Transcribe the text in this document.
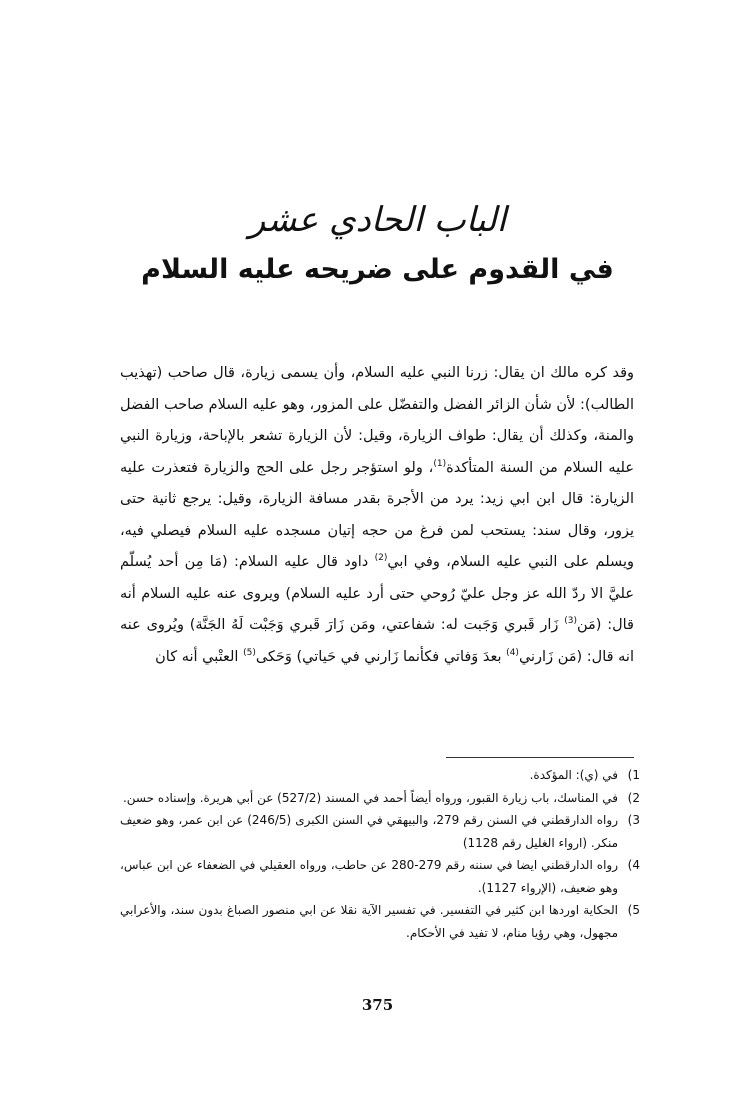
الباب الحادي عشر
في القدوم على ضريحه عليه السلام

وقد كره مالك ان يقال: زرنا النبي عليه السلام، وأن يسمى زيارة، قال صاحب (تهذيب الطالب): لأن شأن الزائر الفضل والتفضّل على المزور، وهو عليه السلام صاحب الفضل والمنة، وكذلك أن يقال: طواف الزيارة، وقيل: لأن الزيارة تشعر بالإباحة، وزيارة النبي عليه السلام من السنة المتأكدة$^{(1)}$، ولو استؤجر رجل على الحج والزيارة فتعذرت عليه الزيارة: قال ابن ابي زيد: يرد من الأجرة بقدر مسافة الزيارة، وقيل: يرجع ثانية حتى يزور، وقال سند: يستحب لمن فرغ من حجه إتيان مسجده عليه السلام فيصلي فيه، ويسلم على النبي عليه السلام، وفي ابي$^{(2)}$ داود قال عليه السلام: (مَا مِن أحد يُسلّم عليَّ الا ردّ الله عز وجل عليّ رُوحي حتى أرد عليه السلام) ويروى عنه عليه السلام أنه قال: (مَن$^{(3)}$ زَار قَبري وَجَبت له: شفاعتي، ومَن زَارَ قَبري وَجَبْت لَهُ الجَنَّة) ويُروى عنه انه قال: (مَن زَارني$^{(4)}$ بعدَ وَفاتي فكأنما زَارني في حَياتي) وَحَكى$^{(5)}$ العتْبي أنه كان

1)
في (ي): المؤكدة.
2)
في المناسك، باب زيارة القبور، ورواه أيضاً أحمد في المسند (527/2) عن أبي هريرة. وإسناده حسن.
3)
رواه الدارقطني في السنن رقم 279، والبيهقي في السنن الكبرى (246/5) عن ابن عمر، وهو ضعيف منكر. (ارواء الغليل رقم 1128)
4)
رواه الدارقطني ايضا في سننه رقم 279-280 عن حاطب، ورواه العقيلي في الضعفاء عن ابن عباس، وهو ضعيف، (الإرواء 1127).
5)
الحكاية اوردها ابن كثير في التفسير. في تفسير الآية نقلا عن ابي منصور الصباغ بدون سند، والأعرابي مجهول، وهي رؤيا منام، لا تفيد في الأحكام.
375
